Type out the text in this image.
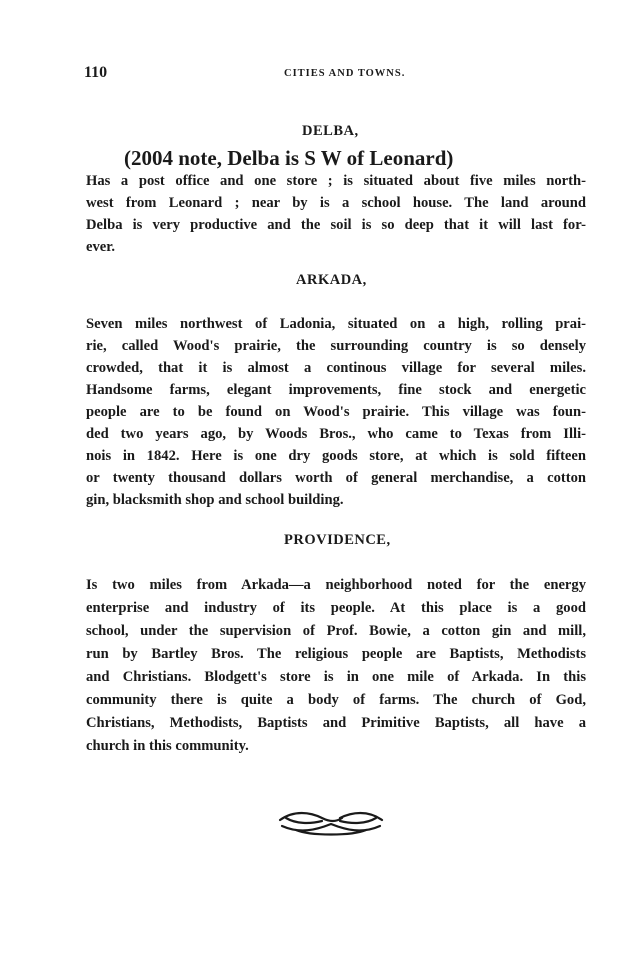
110	CITIES AND TOWNS.
DELBA,
(2004 note, Delba is S W of Leonard)
Has a post office and one store ; is situated about five miles north-
west from Leonard ; near by is a school house. The land around
Delba is very productive and the soil is so deep that it will last for-
ever.
ARKADA,
Seven miles northwest of Ladonia, situated on a high, rolling prai-
rie, called Wood's prairie, the surrounding country is so densely
crowded, that it is almost a continous village for several miles.
Handsome farms, elegant improvements, fine stock and energetic
people are to be found on Wood's prairie. This village was foun-
ded two years ago, by Woods Bros., who came to Texas from Illi-
nois in 1842. Here is one dry goods store, at which is sold fifteen
or twenty thousand dollars worth of general merchandise, a cotton
gin, blacksmith shop and school building.
PROVIDENCE,
Is two miles from Arkada—a neighborhood noted for the energy
enterprise and industry of its people. At this place is a good
school, under the supervision of Prof. Bowie, a cotton gin and mill,
run by Bartley Bros. The religious people are Baptists, Methodists
and Christians. Blodgett's store is in one mile of Arkada. In this
community there is quite a body of farms. The church of God,
Christians, Methodists, Baptists and Primitive Baptists, all have a
church in this community.
